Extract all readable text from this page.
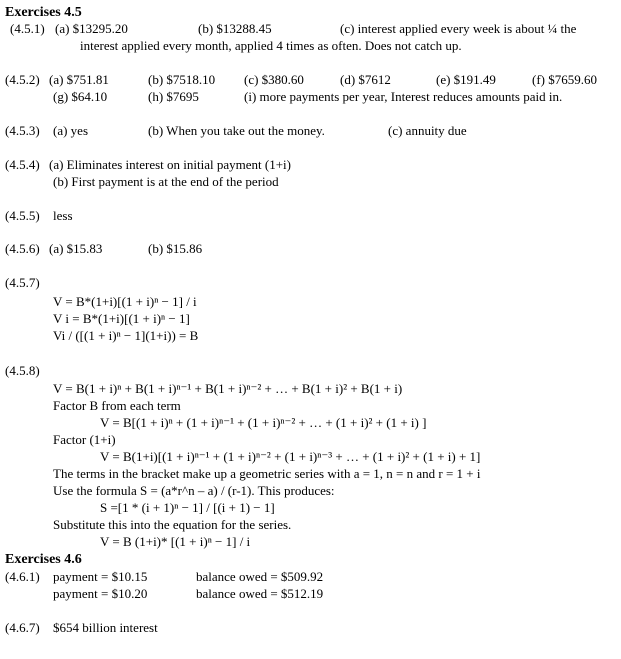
Exercises 4.5
(4.5.1) (a) $13295.20	(b) $13288.45	(c) interest applied every week is about ¼ the
interest applied every month, applied 4 times as often. Does not catch up.
(4.5.2) (a) $751.81	(b) $7518.10 (c) $380.60	(d) $7612	(e) $191.49	(f) $7659.60
(g) $64.10	(h) $7695	(i) more payments per year, Interest reduces amounts paid in.
(4.5.3) (a) yes	(b) When you take out the money.	(c) annuity due
(4.5.4) (a) Eliminates interest on initial payment (1+i)
(b) First payment is at the end of the period
(4.5.5) less
(4.5.6) (a) $15.83	(b) $15.86
(4.5.7)
V = B*(1+i)[(1 + i)ⁿ − 1] / i
V i = B*(1+i)[(1 + i)ⁿ − 1]
Vi / ([(1 + i)ⁿ − 1](1+i)) = B
(4.5.8)
V = B(1 + i)ⁿ + B(1 + i)ⁿ⁻¹ + B(1 + i)ⁿ⁻² + … + B(1 + i)² + B(1 + i)
Factor B from each term
V = B[(1 + i)ⁿ + (1 + i)ⁿ⁻¹ + (1 + i)ⁿ⁻² + … + (1 + i)² + (1 + i) ]
Factor (1+i)
V = B(1+i)[(1 + i)ⁿ⁻¹ + (1 + i)ⁿ⁻² + (1 + i)ⁿ⁻³ + … + (1 + i)² + (1 + i) + 1]
The terms in the bracket make up a geometric series with a = 1, n = n and r = 1 + i
Use the formula S = (a*r^n – a) / (r-1). This produces:
S =[1 * (i + 1)ⁿ − 1] / [(i + 1) − 1]
Substitute this into the equation for the series.
V = B (1+i)* [(1 + i)ⁿ − 1] / i
Exercises 4.6
(4.6.1) payment = $10.15	balance owed = $509.92
payment = $10.20	balance owed = $512.19
(4.6.7) $654 billion interest
